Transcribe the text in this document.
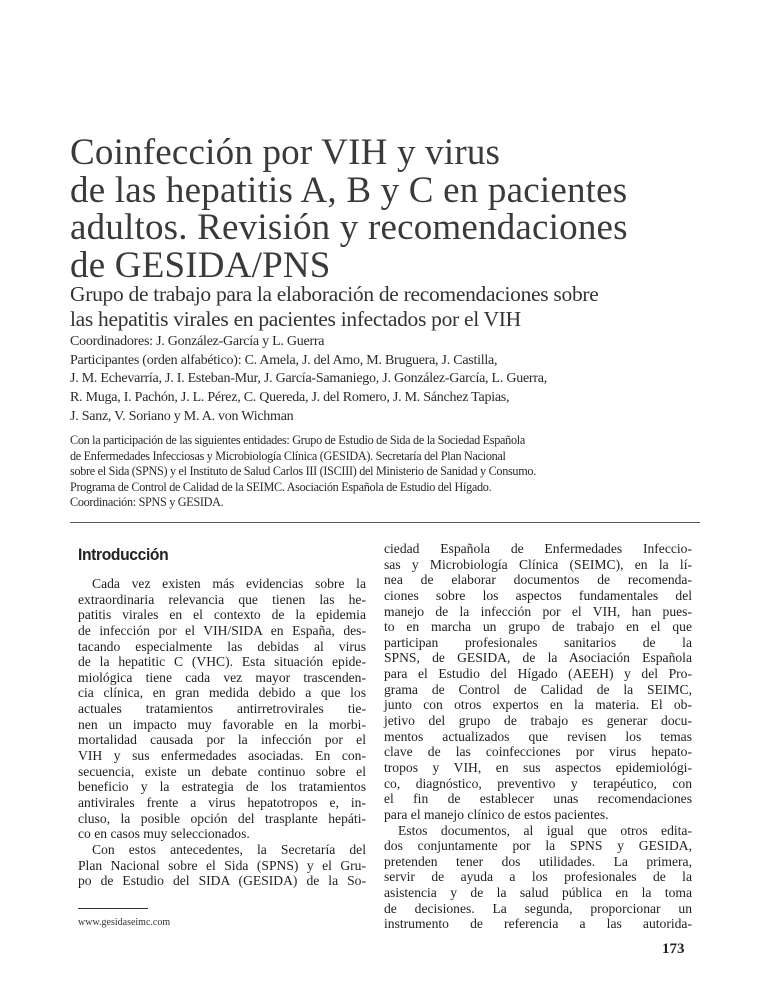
Coinfección por VIH y virus
de las hepatitis A, B y C en pacientes
adultos. Revisión y recomendaciones
de GESIDA/PNS
Grupo de trabajo para la elaboración de recomendaciones sobre
las hepatitis virales en pacientes infectados por el VIH
Coordinadores: J. González-García y L. Guerra
Participantes (orden alfabético): C. Amela, J. del Amo, M. Bruguera, J. Castilla,
J. M. Echevarría, J. I. Esteban-Mur, J. García-Samaniego, J. González-García, L. Guerra,
R. Muga, I. Pachón, J. L. Pérez, C. Quereda, J. del Romero, J. M. Sánchez Tapias,
J. Sanz, V. Soriano y M. A. von Wichman
Con la participación de las siguientes entidades: Grupo de Estudio de Sida de la Sociedad Española
de Enfermedades Infecciosas y Microbiología Clínica (GESIDA). Secretaría del Plan Nacional
sobre el Sida (SPNS) y el Instituto de Salud Carlos III (ISCIII) del Ministerio de Sanidad y Consumo.
Programa de Control de Calidad de la SEIMC. Asociación Española de Estudio del Hígado.
Coordinación: SPNS y GESIDA.
Introducción
Cada vez existen más evidencias sobre la
extraordinaria relevancia que tienen las he-
patitis virales en el contexto de la epidemia
de infección por el VIH/SIDA en España, des-
tacando especialmente las debidas al virus
de la hepatitic C (VHC). Esta situación epide-
miológica tiene cada vez mayor trascenden-
cia clínica, en gran medida debido a que los
actuales tratamientos antirretrovirales tie-
nen un impacto muy favorable en la morbi-
mortalidad causada por la infección por el
VIH y sus enfermedades asociadas. En con-
secuencia, existe un debate continuo sobre el
beneficio y la estrategia de los tratamientos
antivirales frente a virus hepatotropos e, in-
cluso, la posible opción del trasplante hepáti-
co en casos muy seleccionados.
Con estos antecedentes, la Secretaría del
Plan Nacional sobre el Sida (SPNS) y el Gru-
po de Estudio del SIDA (GESIDA) de la So-
ciedad Española de Enfermedades Infeccio-
sas y Microbiología Clínica (SEIMC), en la lí-
nea de elaborar documentos de recomenda-
ciones sobre los aspectos fundamentales del
manejo de la infección por el VIH, han pues-
to en marcha un grupo de trabajo en el que
participan profesionales sanitarios de la
SPNS, de GESIDA, de la Asociación Española
para el Estudio del Hígado (AEEH) y del Pro-
grama de Control de Calidad de la SEIMC,
junto con otros expertos en la materia. El ob-
jetivo del grupo de trabajo es generar docu-
mentos actualizados que revisen los temas
clave de las coinfecciones por virus hepato-
tropos y VIH, en sus aspectos epidemiológi-
co, diagnóstico, preventivo y terapéutico, con
el fin de establecer unas recomendaciones
para el manejo clínico de estos pacientes.
Estos documentos, al igual que otros edita-
dos conjuntamente por la SPNS y GESIDA,
pretenden tener dos utilidades. La primera,
servir de ayuda a los profesionales de la
asistencia y de la salud pública en la toma
de decisiones. La segunda, proporcionar un
instrumento de referencia a las autorida-
www.gesidaseimc.com
173
